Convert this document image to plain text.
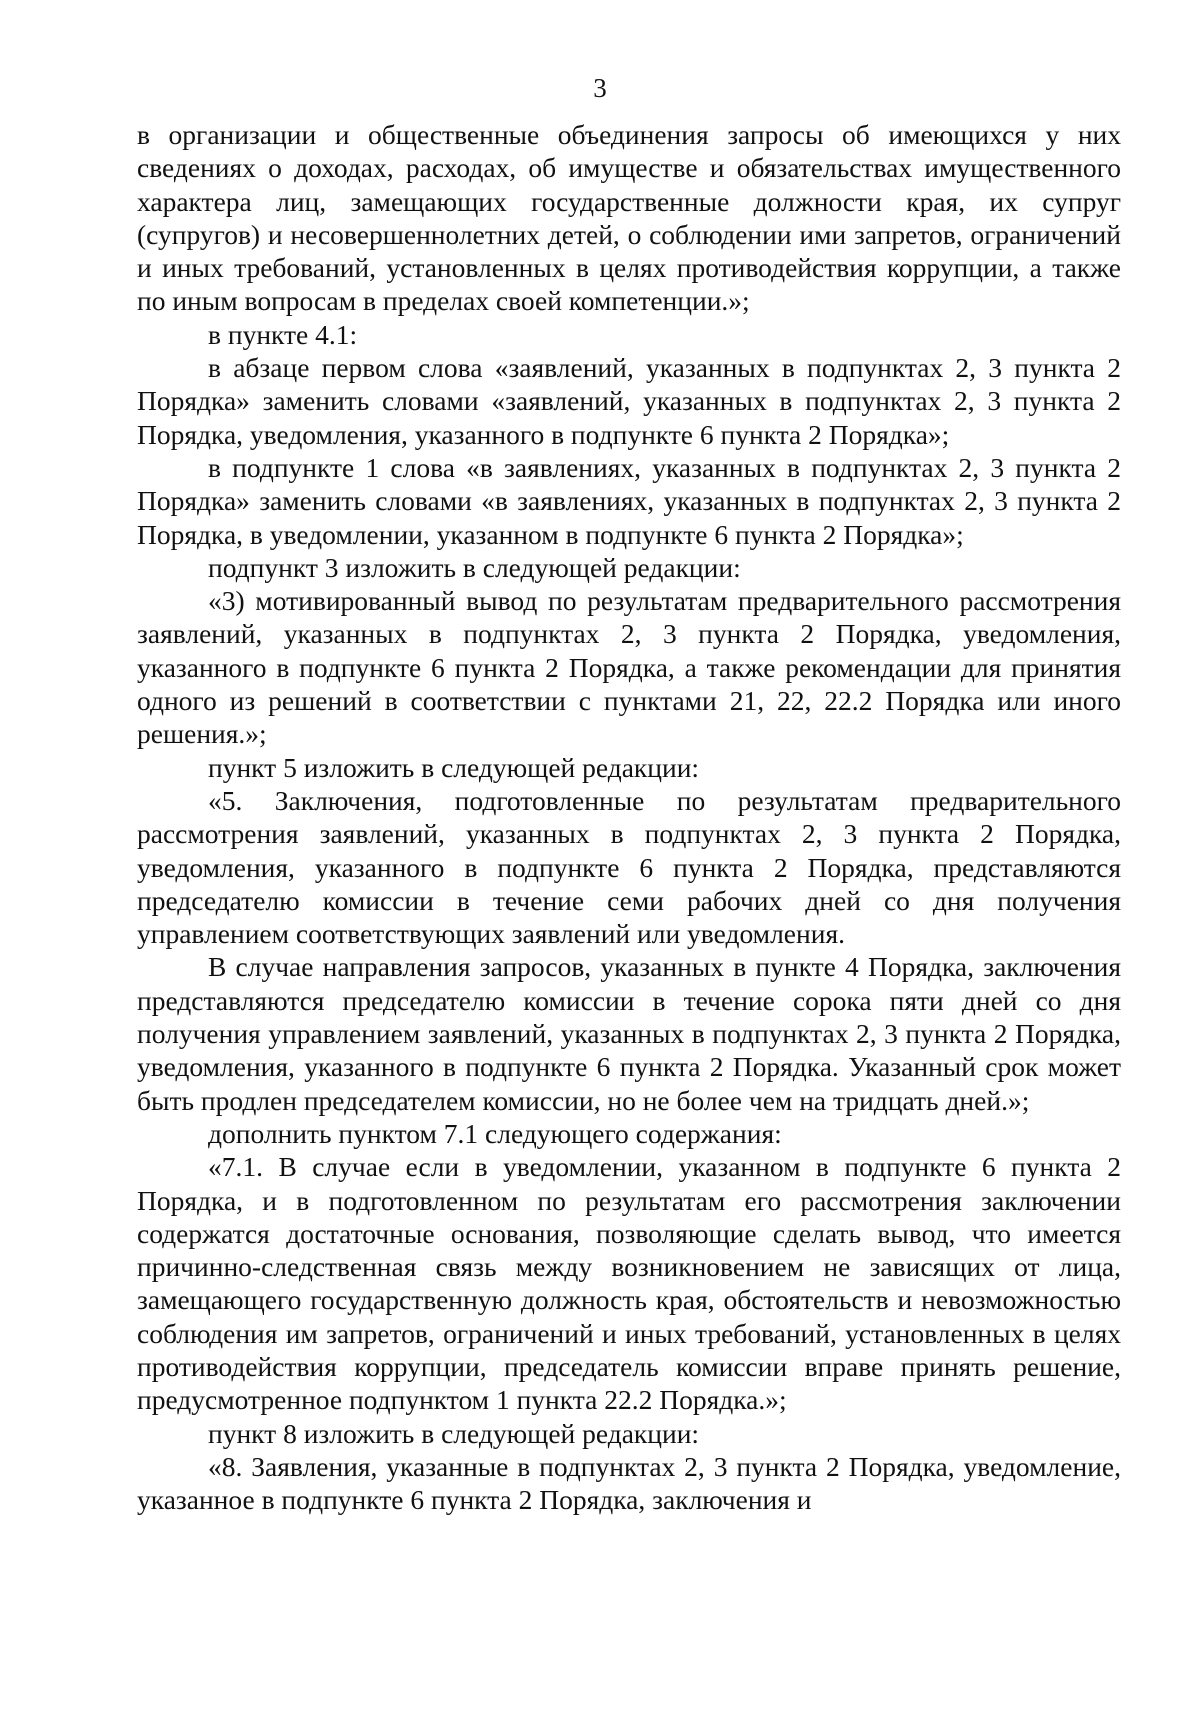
3

в организации и общественные объединения запросы об имеющихся у них сведениях о доходах, расходах, об имуществе и обязательствах имущественного характера лиц, замещающих государственные должности края, их супруг (супругов) и несовершеннолетних детей, о соблюдении ими запретов, ограничений и иных требований, установленных в целях противодействия коррупции, а также по иным вопросам в пределах своей компетенции.»;

в пункте 4.1:

в абзаце первом слова «заявлений, указанных в подпунктах 2, 3 пункта 2 Порядка» заменить словами «заявлений, указанных в подпунктах 2, 3 пункта 2 Порядка, уведомления, указанного в подпункте 6 пункта 2 Порядка»;

в подпункте 1 слова «в заявлениях, указанных в подпунктах 2, 3 пункта 2 Порядка» заменить словами «в заявлениях, указанных в подпунктах 2, 3 пункта 2 Порядка, в уведомлении, указанном в подпункте 6 пункта 2 Порядка»;

подпункт 3 изложить в следующей редакции:

«3) мотивированный вывод по результатам предварительного рассмотрения заявлений, указанных в подпунктах 2, 3 пункта 2 Порядка, уведомления, указанного в подпункте 6 пункта 2 Порядка, а также рекомендации для принятия одного из решений в соответствии с пунктами 21, 22, 22.2 Порядка или иного решения.»;

пункт 5 изложить в следующей редакции:

«5. Заключения, подготовленные по результатам предварительного рассмотрения заявлений, указанных в подпунктах 2, 3 пункта 2 Порядка, уведомления, указанного в подпункте 6 пункта 2 Порядка, представляются председателю комиссии в течение семи рабочих дней со дня получения управлением соответствующих заявлений или уведомления.

В случае направления запросов, указанных в пункте 4 Порядка, заключения представляются председателю комиссии в течение сорока пяти дней со дня получения управлением заявлений, указанных в подпунктах 2, 3 пункта 2 Порядка, уведомления, указанного в подпункте 6 пункта 2 Порядка. Указанный срок может быть продлен председателем комиссии, но не более чем на тридцать дней.»;

дополнить пунктом 7.1 следующего содержания:

«7.1. В случае если в уведомлении, указанном в подпункте 6 пункта 2 Порядка, и в подготовленном по результатам его рассмотрения заключении содержатся достаточные основания, позволяющие сделать вывод, что имеется причинно-следственная связь между возникновением не зависящих от лица, замещающего государственную должность края, обстоятельств и невозможностью соблюдения им запретов, ограничений и иных требований, установленных в целях противодействия коррупции, председатель комиссии вправе принять решение, предусмотренное подпунктом 1 пункта 22.2 Порядка.»;

пункт 8 изложить в следующей редакции:

«8. Заявления, указанные в подпунктах 2, 3 пункта 2 Порядка, уведомление, указанное в подпункте 6 пункта 2 Порядка, заключения и
